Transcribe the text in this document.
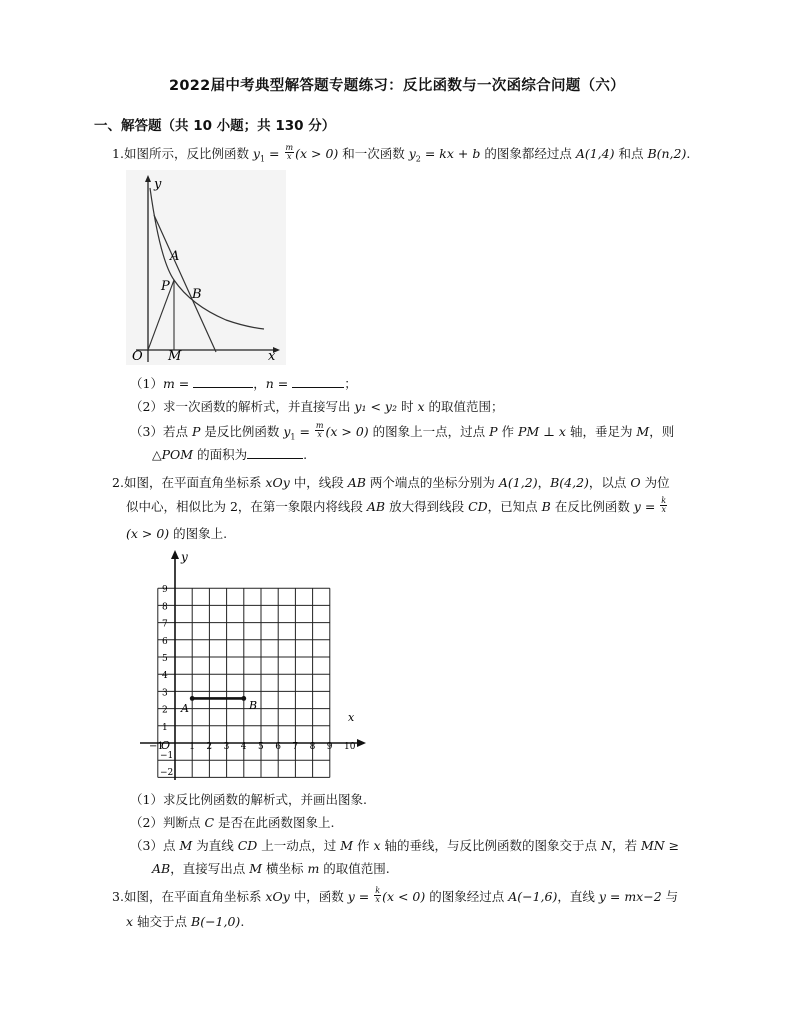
2022届中考典型解答题专题练习：反比函数与一次函综合问题（六）
一、解答题（共 10 小题；共 130 分）
1.如图所示，反比例函数 $y_1 = \frac{m}{x} (x > 0)$ 和一次函数 $y_2$ = kx + b 的图象都经过点 A(1,4) 和点 B(n,2).
y
x
O
A
P
B
M
（1）m =	，n =	；
（2）求一次函数的解析式，并直接写出 y₁ < y₂ 时 x 的取值范围；
（3）若点 P 是反比例函数 $y_1 = \frac{m}{x} (x > 0)$ 的图象上一点，过点 P 作 PM ⊥ x 轴，垂足为 M，则
△POM 的面积为	.
2.如图，在平面直角坐标系 xOy 中，线段 AB 两个端点的坐标分别为 A(1,2)，B(4,2)，以点 O 为位
似中心，相似比为 2，在第一象限内将线段 AB 放大得到线段 CD，已知点 B 在反比例函数 $y = \frac{k}{x}$
(x > 0) 的图象上.
1 2 3 4 5 6 7 8 9 10
1
2
3
4
5
6
7
8
9
A	B
y
x
O
−1
−1
−2
（1）求反比例函数的解析式，并画出图象.
（2）判断点 C 是否在此函数图象上.
（3）点 M 为直线 CD 上一动点，过 M 作 x 轴的垂线，与反比例函数的图象交于点 N，若 MN ≥
AB，直接写出点 M 横坐标 m 的取值范围.
3.如图，在平面直角坐标系 xOy 中，函数 $y = \frac{k}{x} (x < 0)$ 的图象经过点 A(−1,6)，直线 y = mx−2 与
x 轴交于点 B(−1,0).
